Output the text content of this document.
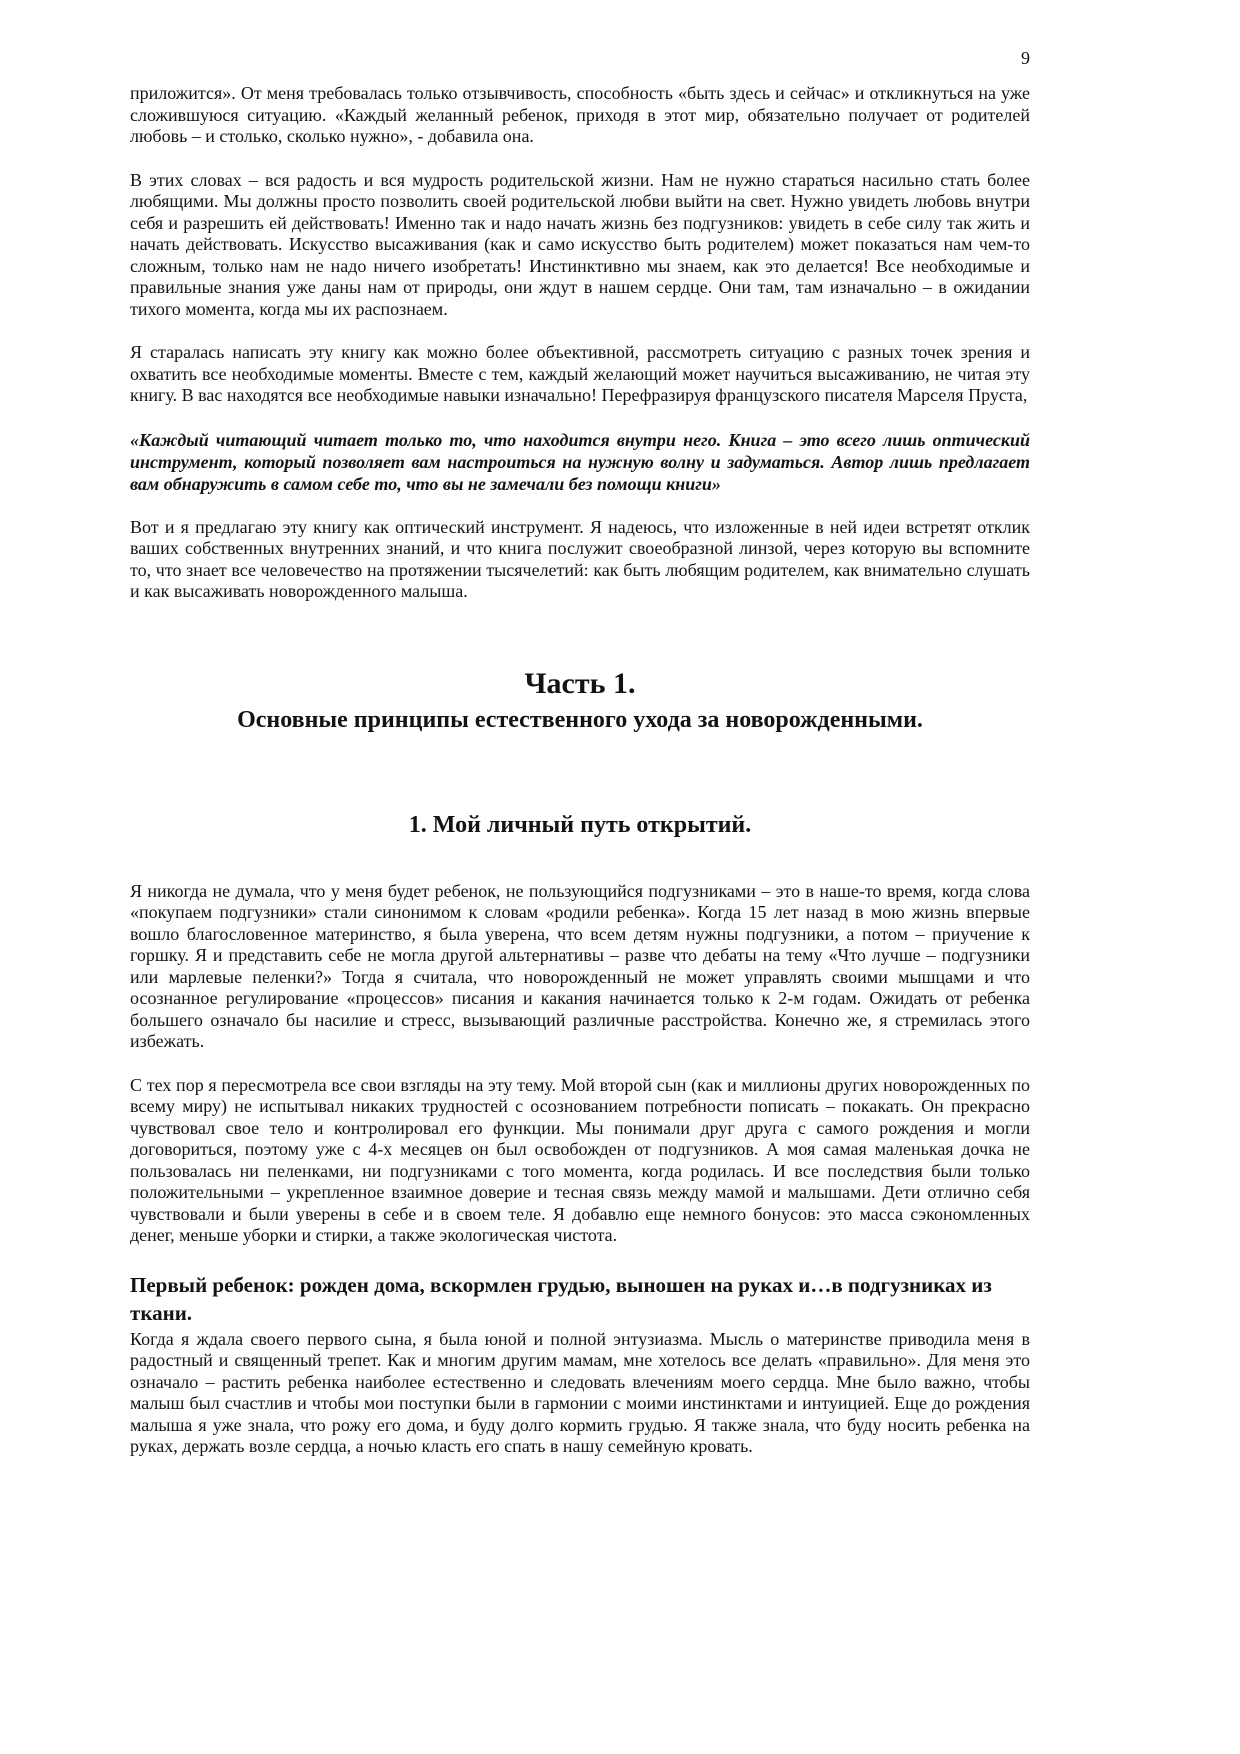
9

приложится». От меня требовалась только отзывчивость, способность «быть здесь и сейчас» и откликнуться на уже сложившуюся ситуацию. «Каждый желанный ребенок, приходя в этот мир, обязательно получает от родителей любовь – и столько, сколько нужно», - добавила она.

В этих словах – вся радость и вся мудрость родительской жизни. Нам не нужно стараться насильно стать более любящими. Мы должны просто позволить своей родительской любви выйти на свет. Нужно увидеть любовь внутри себя и разрешить ей действовать! Именно так и надо начать жизнь без подгузников: увидеть в себе силу так жить и начать действовать. Искусство высаживания (как и само искусство быть родителем) может показаться нам чем-то сложным, только нам не надо ничего изобретать! Инстинктивно мы знаем, как это делается! Все необходимые и правильные знания уже даны нам от природы, они ждут в нашем сердце. Они там, там изначально – в ожидании тихого момента, когда мы их распознаем.

Я старалась написать эту книгу как можно более объективной, рассмотреть ситуацию с разных точек зрения и охватить все необходимые моменты. Вместе с тем, каждый желающий может научиться высаживанию, не читая эту книгу. В вас находятся все необходимые навыки изначально! Перефразируя французского писателя Марселя Пруста,

«Каждый читающий читает только то, что находится внутри него. Книга – это всего лишь оптический инструмент, который позволяет вам настроиться на нужную волну и задуматься. Автор лишь предлагает вам обнаружить в самом себе то, что вы не замечали без помощи книги»

Вот и я предлагаю эту книгу как оптический инструмент. Я надеюсь, что изложенные в ней идеи встретят отклик ваших собственных внутренних знаний, и что книга послужит своеобразной линзой, через которую вы вспомните то, что знает все человечество на протяжении тысячелетий: как быть любящим родителем, как внимательно слушать и как высаживать новорожденного малыша.

Часть 1.
Основные принципы естественного ухода за новорожденными.
1. Мой личный путь открытий.

Я никогда не думала, что у меня будет ребенок, не пользующийся подгузниками – это в наше-то время, когда слова «покупаем подгузники» стали синонимом к словам «родили ребенка». Когда 15 лет назад в мою жизнь впервые вошло благословенное материнство, я была уверена, что всем детям нужны подгузники, а потом – приучение к горшку. Я и представить себе не могла другой альтернативы – разве что дебаты на тему «Что лучше – подгузники или марлевые пеленки?» Тогда я считала, что новорожденный не может управлять своими мышцами и что осознанное регулирование «процессов» писания и какания начинается только к 2-м годам. Ожидать от ребенка большего означало бы насилие и стресс, вызывающий различные расстройства. Конечно же, я стремилась этого избежать.

С тех пор я пересмотрела все свои взгляды на эту тему. Мой второй сын (как и миллионы других новорожденных по всему миру) не испытывал никаких трудностей с осознованием потребности пописать – покакать. Он прекрасно чувствовал свое тело и контролировал его функции. Мы понимали друг друга с самого рождения и могли договориться, поэтому уже с 4-х месяцев он был освобожден от подгузников. А моя самая маленькая дочка не пользовалась ни пеленками, ни подгузниками с того момента, когда родилась. И все последствия были только положительными – укрепленное взаимное доверие и тесная связь между мамой и малышами. Дети отлично себя чувствовали и были уверены в себе и в своем теле. Я добавлю еще немного бонусов: это масса сэкономленных денег, меньше уборки и стирки, а также экологическая чистота.

Первый ребенок: рожден дома, вскормлен грудью, выношен на руках и…в подгузниках из ткани.

Когда я ждала своего первого сына, я была юной и полной энтузиазма. Мысль о материнстве приводила меня в радостный и священный трепет. Как и многим другим мамам, мне хотелось все делать «правильно». Для меня это означало – растить ребенка наиболее естественно и следовать влечениям моего сердца. Мне было важно, чтобы малыш был счастлив и чтобы мои поступки были в гармонии с моими инстинктами и интуицией. Еще до рождения малыша я уже знала, что рожу его дома, и буду долго кормить грудью. Я также знала, что буду носить ребенка на руках, держать возле сердца, а ночью класть его спать в нашу семейную кровать.
